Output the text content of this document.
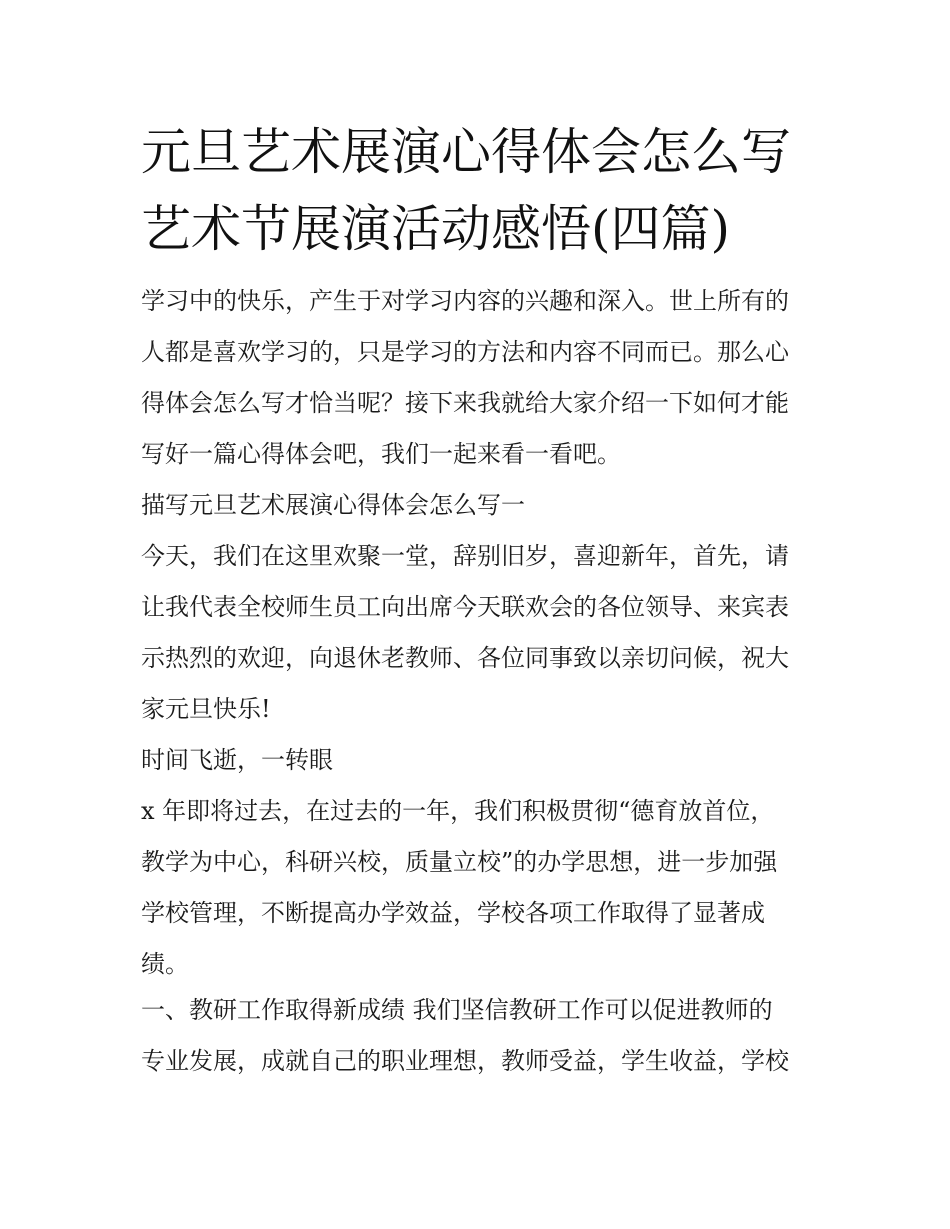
元旦艺术展演心得体会怎么写
艺术节展演活动感悟(四篇)
学习中的快乐，产生于对学习内容的兴趣和深入。世上所有的
人都是喜欢学习的，只是学习的方法和内容不同而已。那么心
得体会怎么写才恰当呢？接下来我就给大家介绍一下如何才能
写好一篇心得体会吧，我们一起来看一看吧。
描写元旦艺术展演心得体会怎么写一
今天，我们在这里欢聚一堂，辞别旧岁，喜迎新年，首先，请
让我代表全校师生员工向出席今天联欢会的各位领导、来宾表
示热烈的欢迎，向退休老教师、各位同事致以亲切问候，祝大
家元旦快乐!
时间飞逝，一转眼
x 年即将过去，在过去的一年，我们积极贯彻“德育放首位，
教学为中心，科研兴校，质量立校”的办学思想，进一步加强
学校管理，不断提高办学效益，学校各项工作取得了显著成
绩。
一、教研工作取得新成绩 我们坚信教研工作可以促进教师的
专业发展，成就自己的职业理想，教师受益，学生收益，学校
